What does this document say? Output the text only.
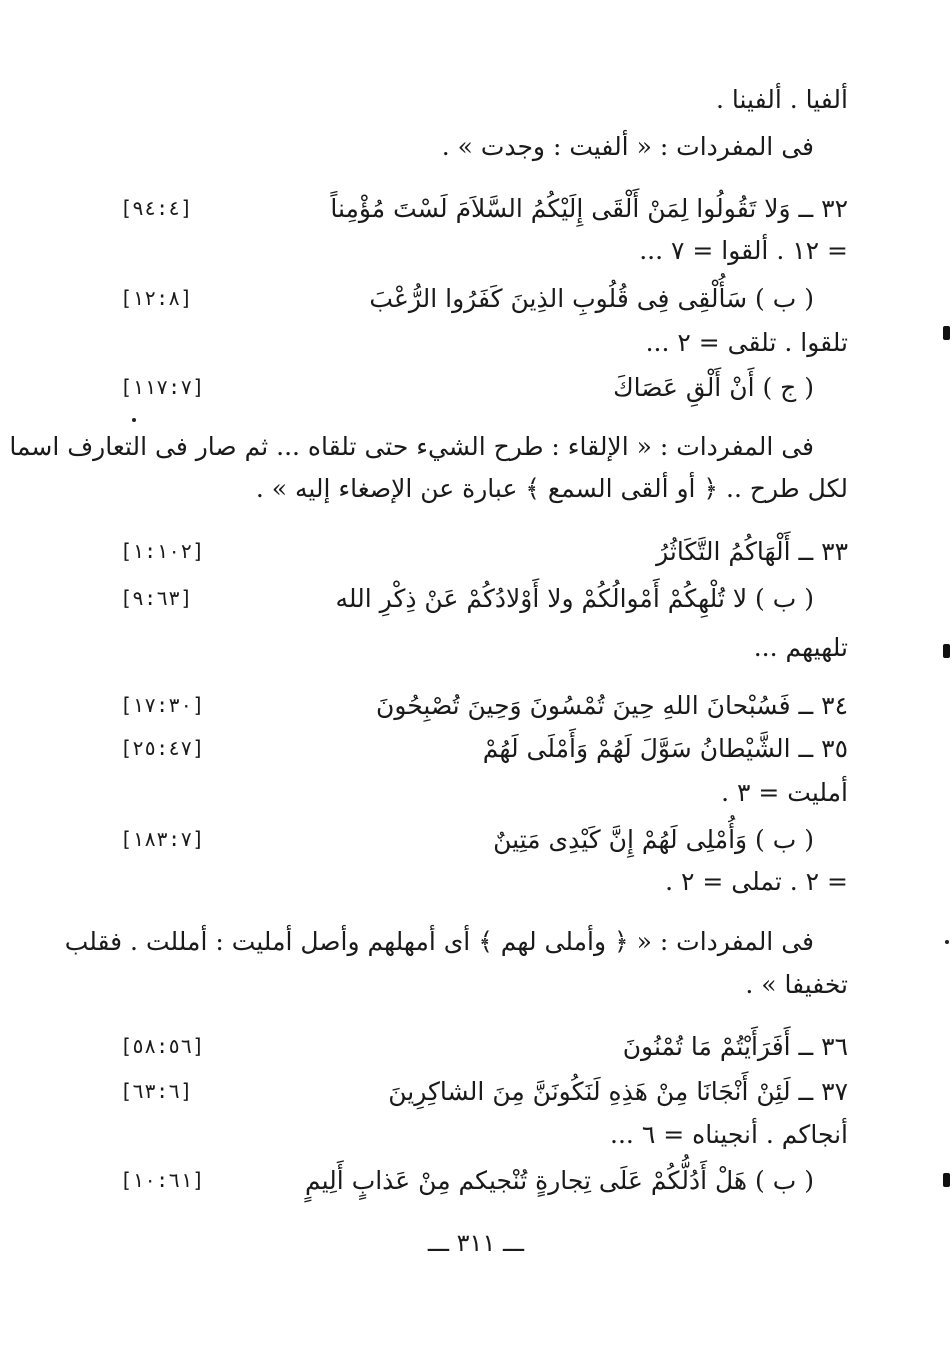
ألفيا . ألفينا .
فى المفردات : « ألفيت : وجدت » .
٣٢ ــ وَلا تَقُولُوا لِمَنْ أَلْقَى إِلَيْكُمُ السَّلاَمَ لَسْتَ مُؤْمِناً
[٩٤:٤]
= ١٢ . ألقوا = ٧ ...
( ب ) سَأُلْقِى فِى قُلُوبِ الذِينَ كَفَرُوا الرُّعْبَ
[١٢:٨]
تلقوا . تلقى = ٢ ...
( ج ) أَنْ أَلْقِ عَصَاكَ
[١١٧:٧]
فى المفردات : « الإلقاء : طرح الشيء حتى تلقاه ... ثم صار فى التعارف اسما
لكل طرح .. ﴿ أو ألقى السمع ﴾ عبارة عن الإصغاء إليه » .
٣٣ ــ أَلْهَاكُمُ التَّكَاثُرُ
[١:١٠٢]
( ب ) لا تُلْهِكُمْ أَمْوالُكُمْ ولا أَوْلادُكُمْ عَنْ ذِكْرِ الله
[٩:٦٣]
تلهيهم ...
٣٤ ــ فَسُبْحانَ اللهِ حِينَ تُمْسُونَ وَحِينَ تُصْبِحُونَ
[١٧:٣٠]
٣٥ ــ الشَّيْطانُ سَوَّلَ لَهُمْ وَأَمْلَى لَهُمْ
[٢٥:٤٧]
أمليت = ٣ .
( ب ) وَأُمْلِى لَهُمْ إِنَّ كَيْدِى مَتِينٌ
[١٨٣:٧]
= ٢ . تملى = ٢ .
فى المفردات : « ﴿ وأملى لهم ﴾ أى أمهلهم وأصل أمليت : أمللت . فقلب
تخفيفا » .
٣٦ ــ أَفَرَأَيْتُمْ مَا تُمْنُونَ
[٥٨:٥٦]
٣٧ ــ لَئِنْ أَنْجَانَا مِنْ هَذِهِ لَنَكُونَنَّ مِنَ الشاكِرِينَ
[٦٣:٦]
أنجاكم . أنجيناه = ٦ ...
( ب ) هَلْ أَدُلُّكُمْ عَلَى تِجارةٍ تُنْجيكم مِنْ عَذابٍ أَلِيمٍ
[١٠:٦١]
ـــ ٣١١ ـــ
